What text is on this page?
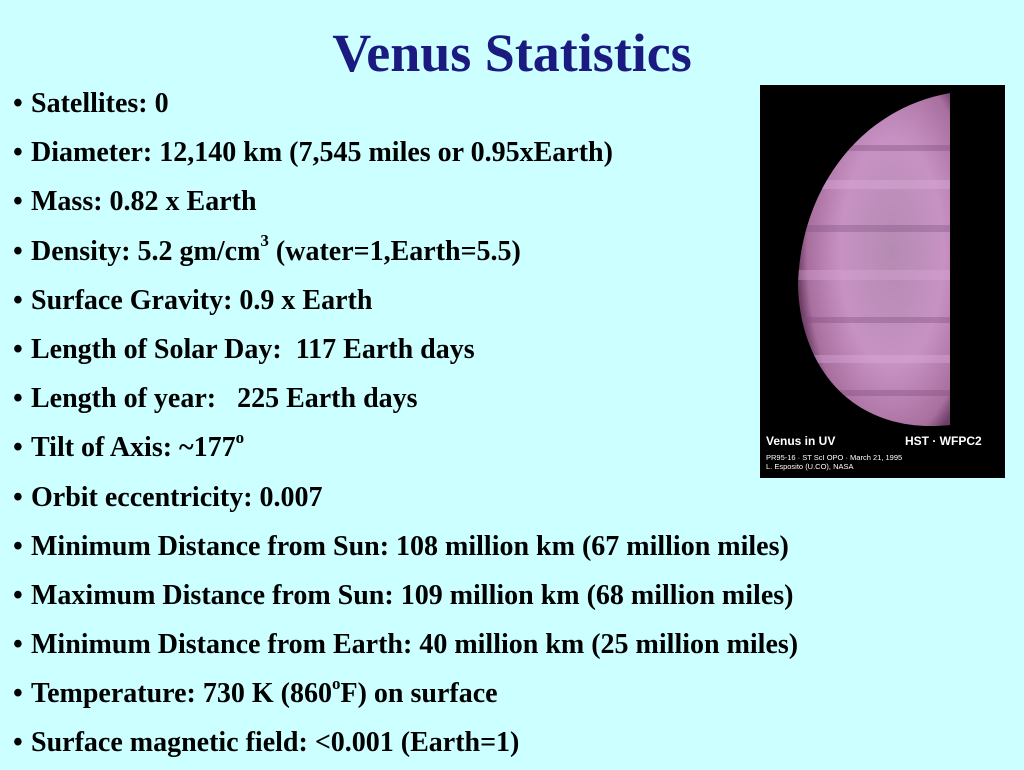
Venus Statistics
• Satellites: 0
• Diameter: 12,140 km (7,545 miles or 0.95xEarth)
• Mass: 0.82 x Earth
• Density: 5.2 $gm/cm^3$ (water=1,Earth=5.5)
• Surface Gravity: 0.9 x Earth
• Length of Solar Day:  117 Earth days
• Length of year:   225 Earth days
• Tilt of Axis: ~177$^o$
• Orbit eccentricity: 0.007
• Minimum Distance from Sun: 108 million km (67 million miles)
• Maximum Distance from Sun: 109 million km (68 million miles)
• Minimum Distance from Earth: 40 million km (25 million miles)
• Temperature: 730 K (860$^o$F) on surface
• Surface magnetic field: <0.001 (Earth=1)
Venus in UV	HST · WFPC2
PR95-16 · ST ScI OPO · March 21, 1995
L. Esposito (U.CO), NASA
